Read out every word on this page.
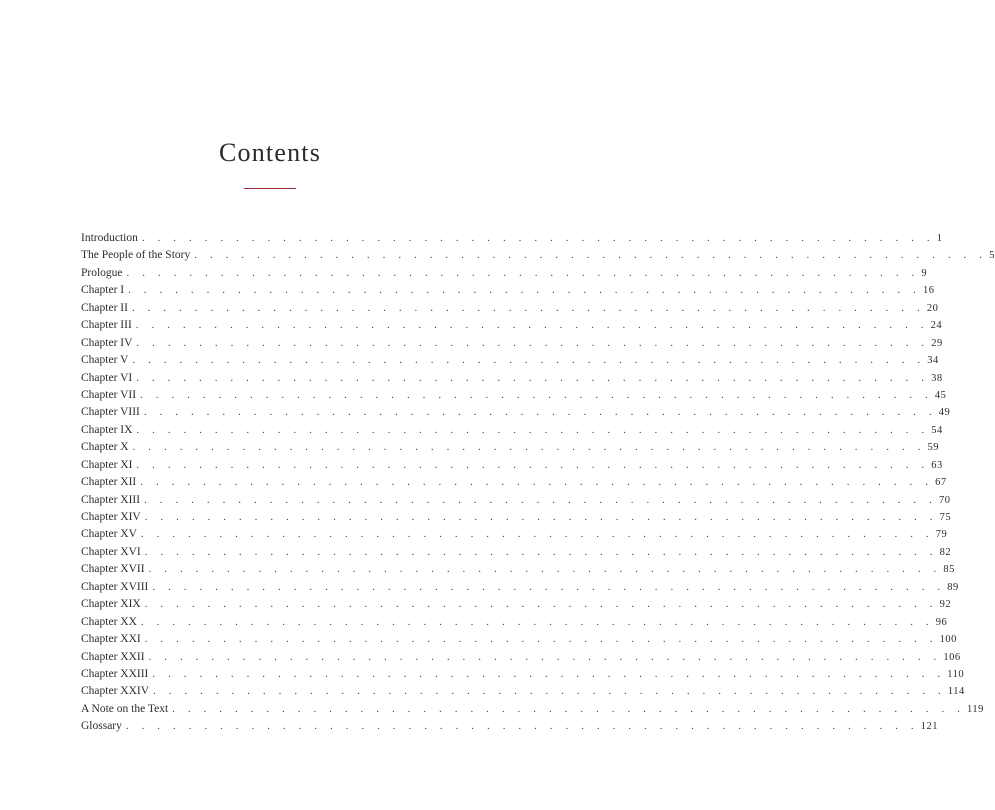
Contents
Introduction . . . . . . . . . . . . . . . . . . . . . . . . . . . . . . . . . . . . . . . . . . . . . . . . . . . 1
The People of the Story . . . . . . . . . . . . . . . . . . . . . . . . . . . . . . . . . . . . . . . . . . . . . . . . . . . 5
Prologue . . . . . . . . . . . . . . . . . . . . . . . . . . . . . . . . . . . . . . . . . . . . . . . . . . . 9
Chapter I . . . . . . . . . . . . . . . . . . . . . . . . . . . . . . . . . . . . . . . . . . . . . . . . . . . 16
Chapter II . . . . . . . . . . . . . . . . . . . . . . . . . . . . . . . . . . . . . . . . . . . . . . . . . . . 20
Chapter III . . . . . . . . . . . . . . . . . . . . . . . . . . . . . . . . . . . . . . . . . . . . . . . . . . . 24
Chapter IV . . . . . . . . . . . . . . . . . . . . . . . . . . . . . . . . . . . . . . . . . . . . . . . . . . . 29
Chapter V . . . . . . . . . . . . . . . . . . . . . . . . . . . . . . . . . . . . . . . . . . . . . . . . . . . 34
Chapter VI . . . . . . . . . . . . . . . . . . . . . . . . . . . . . . . . . . . . . . . . . . . . . . . . . . . 38
Chapter VII . . . . . . . . . . . . . . . . . . . . . . . . . . . . . . . . . . . . . . . . . . . . . . . . . . . 45
Chapter VIII . . . . . . . . . . . . . . . . . . . . . . . . . . . . . . . . . . . . . . . . . . . . . . . . . . . 49
Chapter IX . . . . . . . . . . . . . . . . . . . . . . . . . . . . . . . . . . . . . . . . . . . . . . . . . . . 54
Chapter X . . . . . . . . . . . . . . . . . . . . . . . . . . . . . . . . . . . . . . . . . . . . . . . . . . . 59
Chapter XI . . . . . . . . . . . . . . . . . . . . . . . . . . . . . . . . . . . . . . . . . . . . . . . . . . . 63
Chapter XII . . . . . . . . . . . . . . . . . . . . . . . . . . . . . . . . . . . . . . . . . . . . . . . . . . . 67
Chapter XIII . . . . . . . . . . . . . . . . . . . . . . . . . . . . . . . . . . . . . . . . . . . . . . . . . . . 70
Chapter XIV . . . . . . . . . . . . . . . . . . . . . . . . . . . . . . . . . . . . . . . . . . . . . . . . . . . 75
Chapter XV . . . . . . . . . . . . . . . . . . . . . . . . . . . . . . . . . . . . . . . . . . . . . . . . . . . 79
Chapter XVI . . . . . . . . . . . . . . . . . . . . . . . . . . . . . . . . . . . . . . . . . . . . . . . . . . . 82
Chapter XVII . . . . . . . . . . . . . . . . . . . . . . . . . . . . . . . . . . . . . . . . . . . . . . . . . . . 85
Chapter XVIII . . . . . . . . . . . . . . . . . . . . . . . . . . . . . . . . . . . . . . . . . . . . . . . . . . . 89
Chapter XIX . . . . . . . . . . . . . . . . . . . . . . . . . . . . . . . . . . . . . . . . . . . . . . . . . . . 92
Chapter XX . . . . . . . . . . . . . . . . . . . . . . . . . . . . . . . . . . . . . . . . . . . . . . . . . . . 96
Chapter XXI . . . . . . . . . . . . . . . . . . . . . . . . . . . . . . . . . . . . . . . . . . . . . . . . . . . 100
Chapter XXII . . . . . . . . . . . . . . . . . . . . . . . . . . . . . . . . . . . . . . . . . . . . . . . . . . . 106
Chapter XXIII . . . . . . . . . . . . . . . . . . . . . . . . . . . . . . . . . . . . . . . . . . . . . . . . . . . 110
Chapter XXIV . . . . . . . . . . . . . . . . . . . . . . . . . . . . . . . . . . . . . . . . . . . . . . . . . . . 114
A Note on the Text . . . . . . . . . . . . . . . . . . . . . . . . . . . . . . . . . . . . . . . . . . . . . . . . . . . 119
Glossary . . . . . . . . . . . . . . . . . . . . . . . . . . . . . . . . . . . . . . . . . . . . . . . . . . . 121
